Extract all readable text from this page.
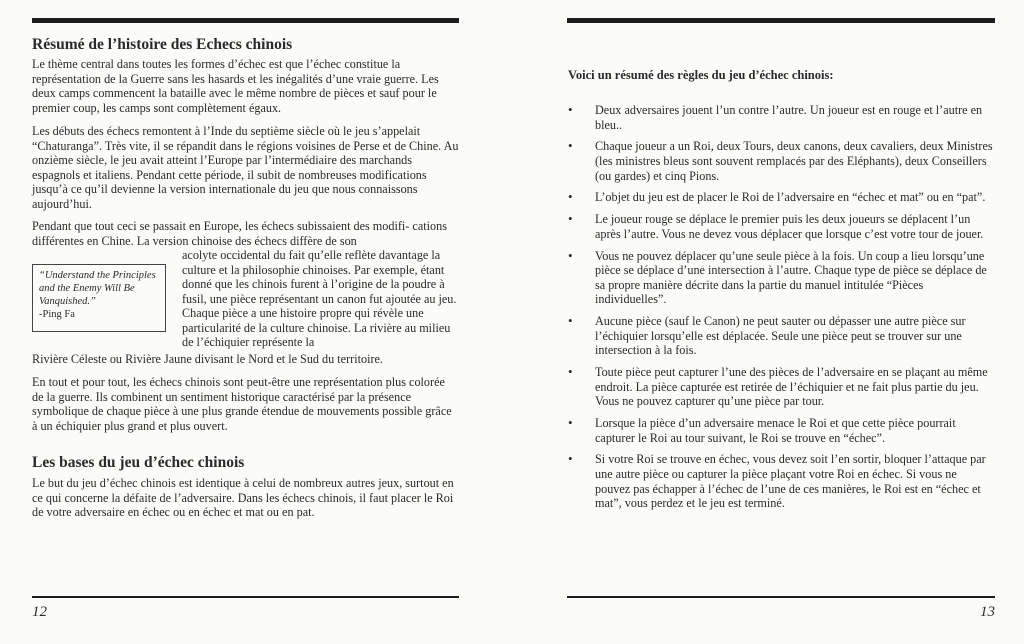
Résumé de l’histoire des Echecs chinois

Le thème central dans toutes les formes d’échec est que l’échec constitue la représentation de la Guerre sans les hasards et les inégalités d’une vraie guerre. Les deux camps commencent la bataille avec le même nombre de pièces et sauf pour le premier coup, les camps sont complètement égaux.

Les débuts des échecs remontent à l’Inde du septième siècle où le jeu s’appelait “Chaturanga”. Très vite, il se répandit dans le régions voisines de Perse et de Chine. Au onzième siècle, le jeu avait atteint l’Europe par l’intermédiaire des marchands espagnols et italiens. Pendant cette période, il subit de nombreuses modifications jusqu’à ce qu’il devienne la version internationale du jeu que nous connaissons aujourd’hui.

Pendant que tout ceci se passait en Europe, les échecs subissaient des modifi- cations différentes en Chine. La version chinoise des échecs diffère de son

“Understand the Principles and the Enemy Will Be Vanquished.”
-Ping Fa

acolyte occidental du fait qu’elle reflète davantage la culture et la philosophie chinoises. Par exemple, étant donné que les chinois furent à l’origine de la poudre à fusil, une pièce représentant un canon fut ajoutée au jeu. Chaque pièce a une histoire propre qui révèle une particularité de la culture chinoise. La rivière au milieu de l’échiquier représente la

Rivière Céleste ou Rivière Jaune divisant le Nord et le Sud du territoire.

En tout et pour tout, les échecs chinois sont peut-être une représentation plus colorée de la guerre. Ils combinent un sentiment historique caractérisé par la présence symbolique de chaque pièce à une plus grande étendue de mouvements possible grâce à un échiquier plus grand et plus ouvert.

Les bases du jeu d’échec chinois

Le but du jeu d’échec chinois est identique à celui de nombreux autres jeux, surtout en ce qui concerne la défaite de l’adversaire. Dans les échecs chinois, il faut placer le Roi de votre adversaire en échec ou en échec et mat ou en pat.

12
Voici un résumé des règles du jeu d’échec chinois:
• Deux adversaires jouent l’un contre l’autre. Un joueur est en rouge et l’autre en bleu..
• Chaque joueur a un Roi, deux Tours, deux canons, deux cavaliers, deux Ministres (les ministres bleus sont souvent remplacés par des Eléphants), deux Conseillers (ou gardes) et cinq Pions.
• L’objet du jeu est de placer le Roi de l’adversaire en “échec et mat” ou en “pat”.
• Le joueur rouge se déplace le premier puis les deux joueurs se déplacent l’un après l’autre. Vous ne devez vous déplacer que lorsque c’est votre tour de jouer.
• Vous ne pouvez déplacer qu’une seule pièce à la fois. Un coup a lieu lorsqu’une pièce se déplace d’une intersection à l’autre. Chaque type de pièce se déplace de sa propre manière décrite dans la partie du manuel intitulée “Pièces individuelles”.
• Aucune pièce (sauf le Canon) ne peut sauter ou dépasser une autre pièce sur l’échiquier lorsqu’elle est déplacée. Seule une pièce peut se trouver sur une intersection à la fois.
• Toute pièce peut capturer l’une des pièces de l’adversaire en se plaçant au même endroit. La pièce capturée est retirée de l’échiquier et ne fait plus partie du jeu. Vous ne pouvez capturer qu’une pièce par tour.
• Lorsque la pièce d’un adversaire menace le Roi et que cette pièce pourrait capturer le Roi au tour suivant, le Roi se trouve en “échec”.
• Si votre Roi se trouve en échec, vous devez soit l’en sortir, bloquer l’attaque par une autre pièce ou capturer la pièce plaçant votre Roi en échec. Si vous ne pouvez pas échapper à l’échec de l’une de ces manières, le Roi est en “échec et mat”, vous perdez et le jeu est terminé.
13
